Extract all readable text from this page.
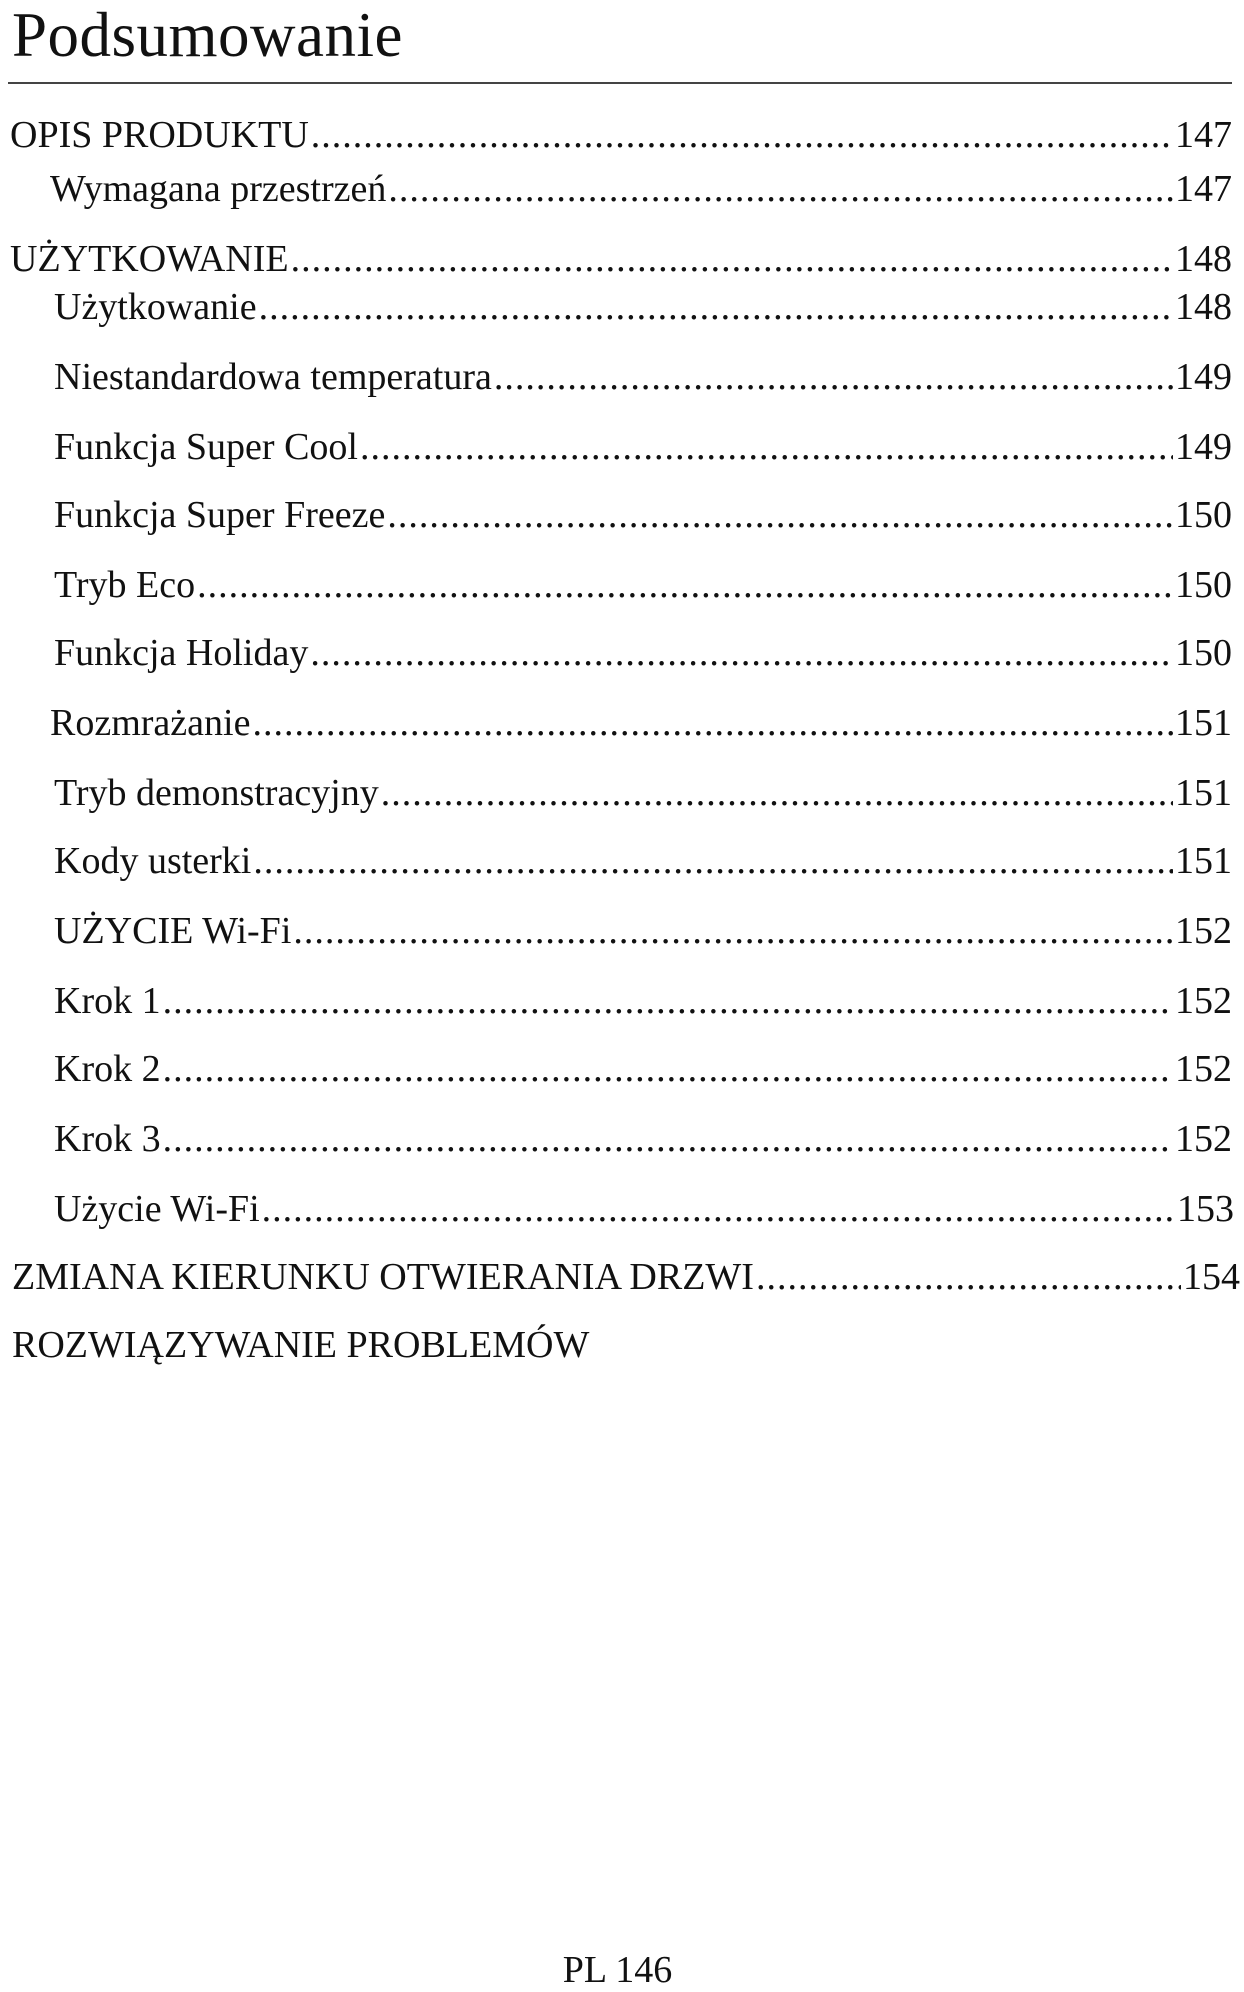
Podsumowanie
OPIS PRODUKTU .....	147
Wymagana przestrzeń .....	147
UŻYTKOWANIE .....	148
Użytkowanie .....	148
Niestandardowa temperatura .....	149
Funkcja Super Cool .....	149
Funkcja Super Freeze .....	150
Tryb Eco .....	150
Funkcja Holiday .....	150
Rozmrażanie .....	151
Tryb demonstracyjny .....	151
Kody usterki .....	151
UŻYCIE Wi-Fi .....	152
Krok 1 .....	152
Krok 2 .....	152
Krok 3 .....	152
Użycie Wi-Fi .....	153
ZMIANA KIERUNKU OTWIERANIA DRZWI .....	154
ROZWIĄZYWANIE PROBLEMÓW
PL 146
